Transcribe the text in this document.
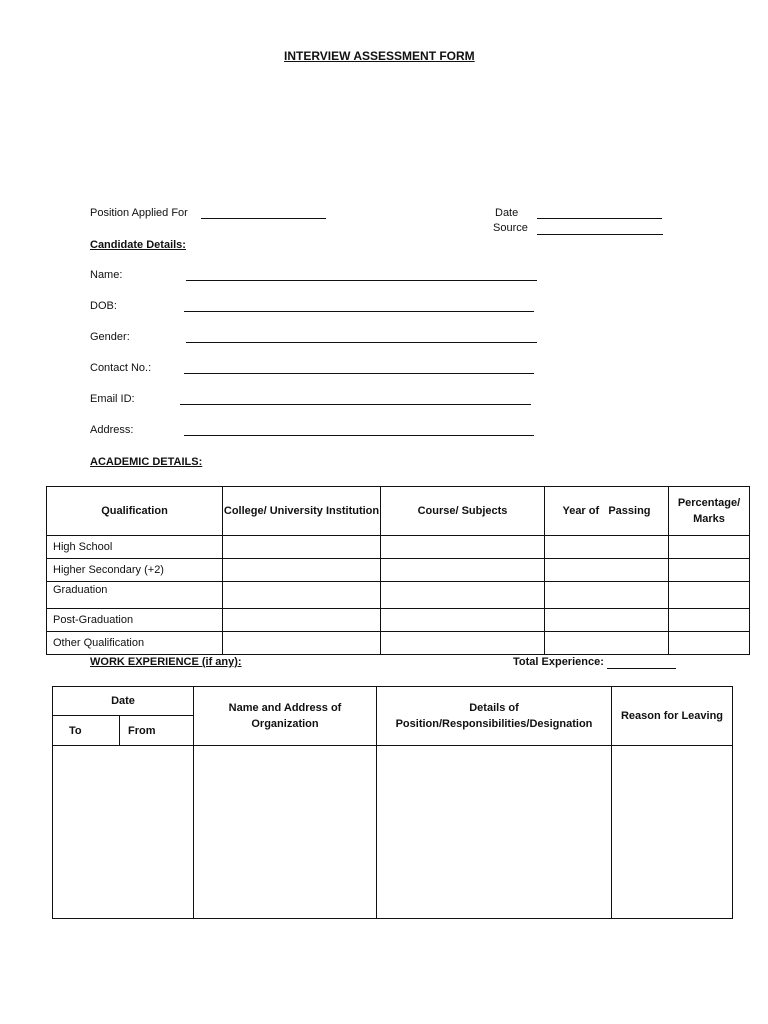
INTERVIEW ASSESSMENT FORM
Position Applied For	Date
Source
Candidate Details:
Name:
DOB:
Gender:
Contact No.:
Email ID:
Address:
ACADEMIC DETAILS:
Qualification	College/ University Institution	Course/ Subjects	Year of   Passing	Percentage/ Marks
High School				
Higher Secondary (+2)				
Graduation				
Post-Graduation				
Other Qualification				
WORK EXPERIENCE (if any):	Total Experience:
Date		Name and Address of Organization	Details of Position/Responsibilities/Designation	Reason for Leaving
To	From			
